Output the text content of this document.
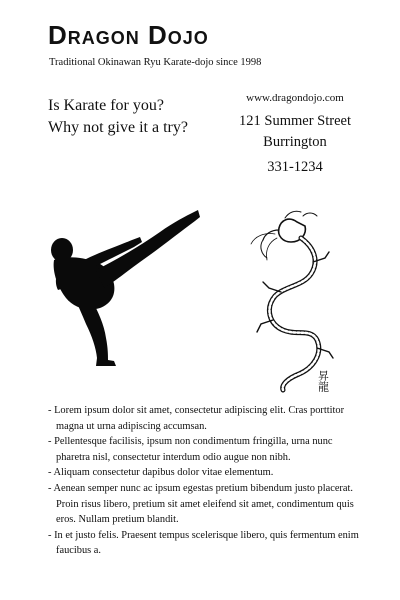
Dragon Dojo
Traditional Okinawan Ryu Karate-dojo since 1998
Is Karate for you?
Why not give it a try?
www.dragondojo.com
121 Summer Street
Burrington
331-1234
昇龍
- Lorem ipsum dolor sit amet, consectetur adipiscing elit. Cras porttitor magna ut urna adipiscing accumsan.
- Pellentesque facilisis, ipsum non condimentum fringilla, urna nunc pharetra nisl, consectetur interdum odio augue non nibh.
- Aliquam consectetur dapibus dolor vitae elementum.
- Aenean semper nunc ac ipsum egestas pretium bibendum justo placerat. Proin risus libero, pretium sit amet eleifend sit amet, condimentum quis eros. Nullam pretium blandit.
- In et justo felis. Praesent tempus scelerisque libero, quis fermentum enim faucibus a.
